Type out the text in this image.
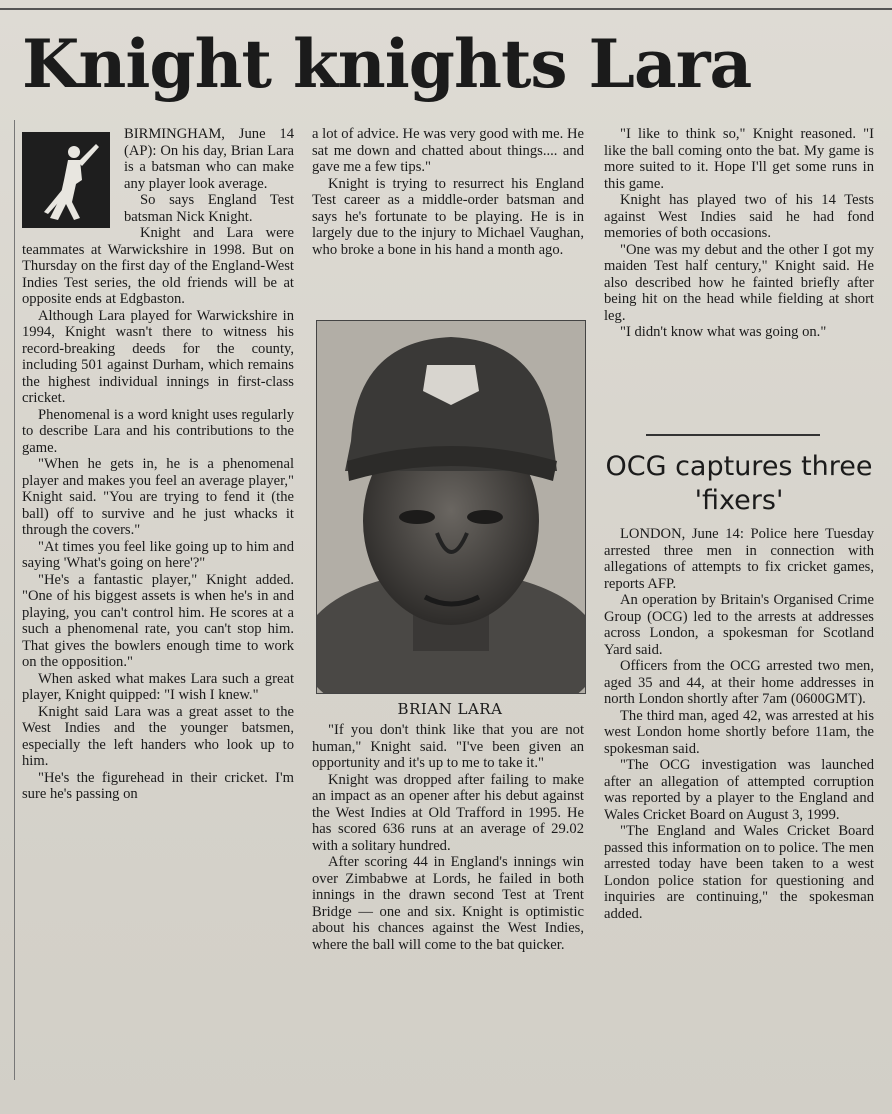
Knight knights Lara

BIRMINGHAM, June 14 (AP): On his day, Brian Lara is a batsman who can make any player look average.

So says England Test batsman Nick Knight.

Knight and Lara were teammates at Warwickshire in 1998. But on Thursday on the first day of the England-West Indies Test series, the old friends will be at opposite ends at Edgbaston.

Although Lara played for Warwickshire in 1994, Knight wasn't there to witness his record-breaking deeds for the county, including 501 against Durham, which remains the highest individual innings in first-class cricket.

Phenomenal is a word knight uses regularly to describe Lara and his contributions to the game.

"When he gets in, he is a phenomenal player and makes you feel an average player," Knight said. "You are trying to fend it (the ball) off to survive and he just whacks it through the covers."

"At times you feel like going up to him and saying 'What's going on here'?"

"He's a fantastic player," Knight added. "One of his biggest assets is when he's in and playing, you can't control him. He scores at a such a phenomenal rate, you can't stop him. That gives the bowlers enough time to work on the opposition."

When asked what makes Lara such a great player, Knight quipped: "I wish I knew."

Knight said Lara was a great asset to the West Indies and the younger batsmen, especially the left handers who look up to him.

"He's the figurehead in their cricket. I'm sure he's passing on

a lot of advice. He was very good with me. He sat me down and chatted about things.... and gave me a few tips."

Knight is trying to resurrect his England Test career as a middle-order batsman and says he's fortunate to be playing. He is in largely due to the injury to Michael Vaughan, who broke a bone in his hand a month ago.

BRIAN LARA

"If you don't think like that you are not human," Knight said. "I've been given an opportunity and it's up to me to take it."

Knight was dropped after failing to make an impact as an opener after his debut against the West Indies at Old Trafford in 1995. He has scored 636 runs at an average of 29.02 with a solitary hundred.

After scoring 44 in England's innings win over Zimbabwe at Lords, he failed in both innings in the drawn second Test at Trent Bridge — one and six. Knight is optimistic about his chances against the West Indies, where the ball will come to the bat quicker.

"I like to think so," Knight reasoned. "I like the ball coming onto the bat. My game is more suited to it. Hope I'll get some runs in this game.

Knight has played two of his 14 Tests against West Indies said he had fond memories of both occasions.

"One was my debut and the other I got my maiden Test half century," Knight said. He also described how he fainted briefly after being hit on the head while fielding at short leg.

"I didn't know what was going on."

OCG captures three 'fixers'

LONDON, June 14: Police here Tuesday arrested three men in connection with allegations of attempts to fix cricket games, reports AFP.

An operation by Britain's Organised Crime Group (OCG) led to the arrests at addresses across London, a spokesman for Scotland Yard said.

Officers from the OCG arrested two men, aged 35 and 44, at their home addresses in north London shortly after 7am (0600GMT).

The third man, aged 42, was arrested at his west London home shortly before 11am, the spokesman said.

"The OCG investigation was launched after an allegation of attempted corruption was reported by a player to the England and Wales Cricket Board on August 3, 1999.

"The England and Wales Cricket Board passed this information on to police. The men arrested today have been taken to a west London police station for questioning and inquiries are continuing," the spokesman added.
